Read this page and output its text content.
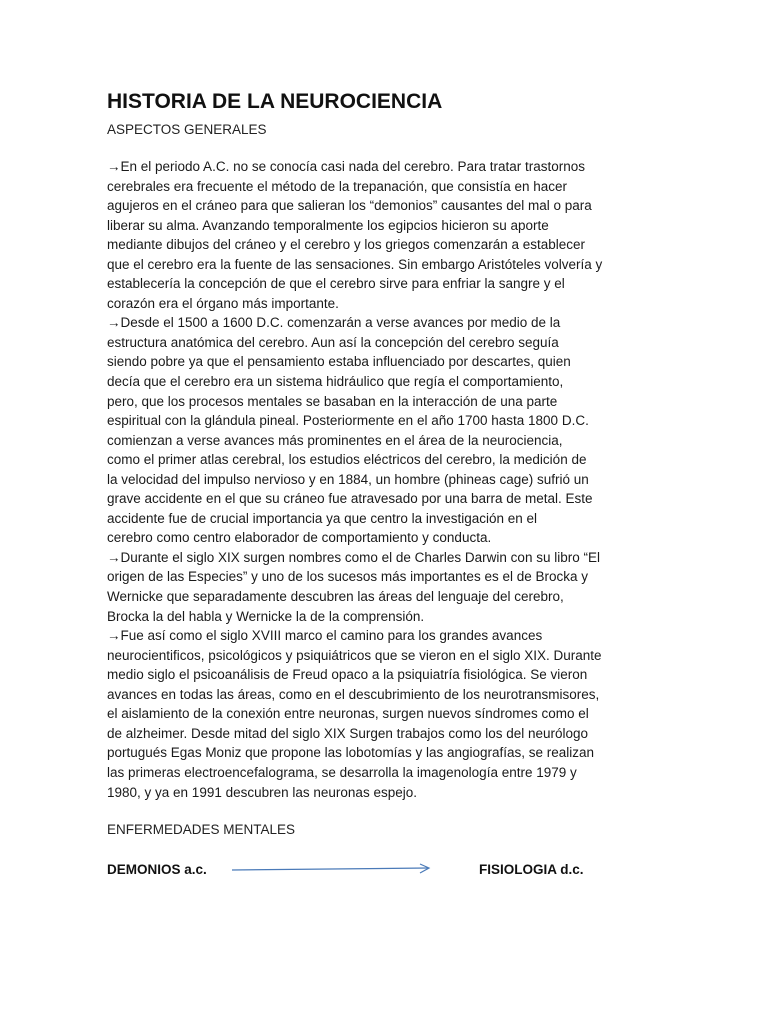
HISTORIA DE LA NEUROCIENCIA

ASPECTOS GENERALES

→En el periodo A.C. no se conocía casi nada del cerebro. Para tratar trastornos
cerebrales era frecuente el método de la trepanación, que consistía en hacer
agujeros en el cráneo para que salieran los “demonios” causantes del mal o para
liberar su alma. Avanzando temporalmente los egipcios hicieron su aporte
mediante dibujos del cráneo y el cerebro y los griegos comenzarán a establecer
que el cerebro era la fuente de las sensaciones. Sin embargo Aristóteles volvería y
establecería la concepción de que el cerebro sirve para enfriar la sangre y el
corazón era el órgano más importante.
→Desde el 1500 a 1600 D.C. comenzarán a verse avances por medio de la
estructura anatómica del cerebro. Aun así la concepción del cerebro seguía
siendo pobre ya que el pensamiento estaba influenciado por descartes, quien
decía que el cerebro era un sistema hidráulico que regía el comportamiento,
pero, que los procesos mentales se basaban en la interacción de una parte
espiritual con la glándula pineal. Posteriormente en el año 1700 hasta 1800 D.C.
comienzan a verse avances más prominentes en el área de la neurociencia,
como el primer atlas cerebral, los estudios eléctricos del cerebro, la medición de
la velocidad del impulso nervioso y en 1884, un hombre (phineas cage) sufrió un
grave accidente en el que su cráneo fue atravesado por una barra de metal. Este
accidente fue de crucial importancia ya que centro la investigación en el
cerebro como centro elaborador de comportamiento y conducta.
→Durante el siglo XIX surgen nombres como el de Charles Darwin con su libro “El
origen de las Especies” y uno de los sucesos más importantes es el de Brocka y
Wernicke que separadamente descubren las áreas del lenguaje del cerebro,
Brocka la del habla y Wernicke la de la comprensión.
→Fue así como el siglo XVIII marco el camino para los grandes avances
neurocientificos, psicológicos y psiquiátricos que se vieron en el siglo XIX. Durante
medio siglo el psicoanálisis de Freud opaco a la psiquiatría fisiológica. Se vieron
avances en todas las áreas, como en el descubrimiento de los neurotransmisores,
el aislamiento de la conexión entre neuronas, surgen nuevos síndromes como el
de alzheimer. Desde mitad del siglo XIX Surgen trabajos como los del neurólogo
portugués Egas Moniz que propone las lobotomías y las angiografías, se realizan
las primeras electroencefalograma, se desarrolla la imagenología entre 1979 y
1980, y ya en 1991 descubren las neuronas espejo.

ENFERMEDADES MENTALES

DEMONIOS a.c.	FISIOLOGIA d.c.
